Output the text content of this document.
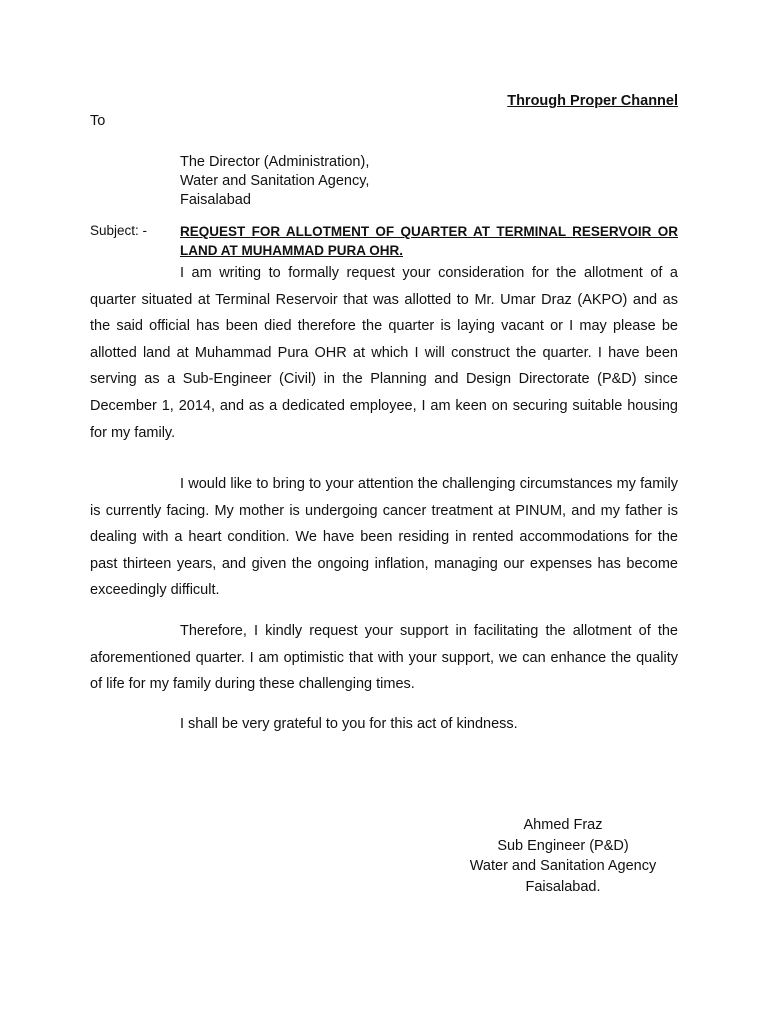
Through Proper Channel
To
The Director (Administration),
Water and Sanitation Agency,
Faisalabad
Subject: - REQUEST FOR ALLOTMENT OF QUARTER AT TERMINAL RESERVOIR OR LAND AT MUHAMMAD PURA OHR.
I am writing to formally request your consideration for the allotment of a quarter situated at Terminal Reservoir that was allotted to Mr. Umar Draz (AKPO) and as the said official has been died therefore the quarter is laying vacant or I may please be allotted land at Muhammad Pura OHR at which I will construct the quarter. I have been serving as a Sub-Engineer (Civil) in the Planning and Design Directorate (P&D) since December 1, 2014, and as a dedicated employee, I am keen on securing suitable housing for my family.
I would like to bring to your attention the challenging circumstances my family is currently facing. My mother is undergoing cancer treatment at PINUM, and my father is dealing with a heart condition. We have been residing in rented accommodations for the past thirteen years, and given the ongoing inflation, managing our expenses has become exceedingly difficult.
Therefore, I kindly request your support in facilitating the allotment of the aforementioned quarter. I am optimistic that with your support, we can enhance the quality of life for my family during these challenging times.
I shall be very grateful to you for this act of kindness.
Ahmed Fraz
Sub Engineer (P&D)
Water and Sanitation Agency
Faisalabad.
